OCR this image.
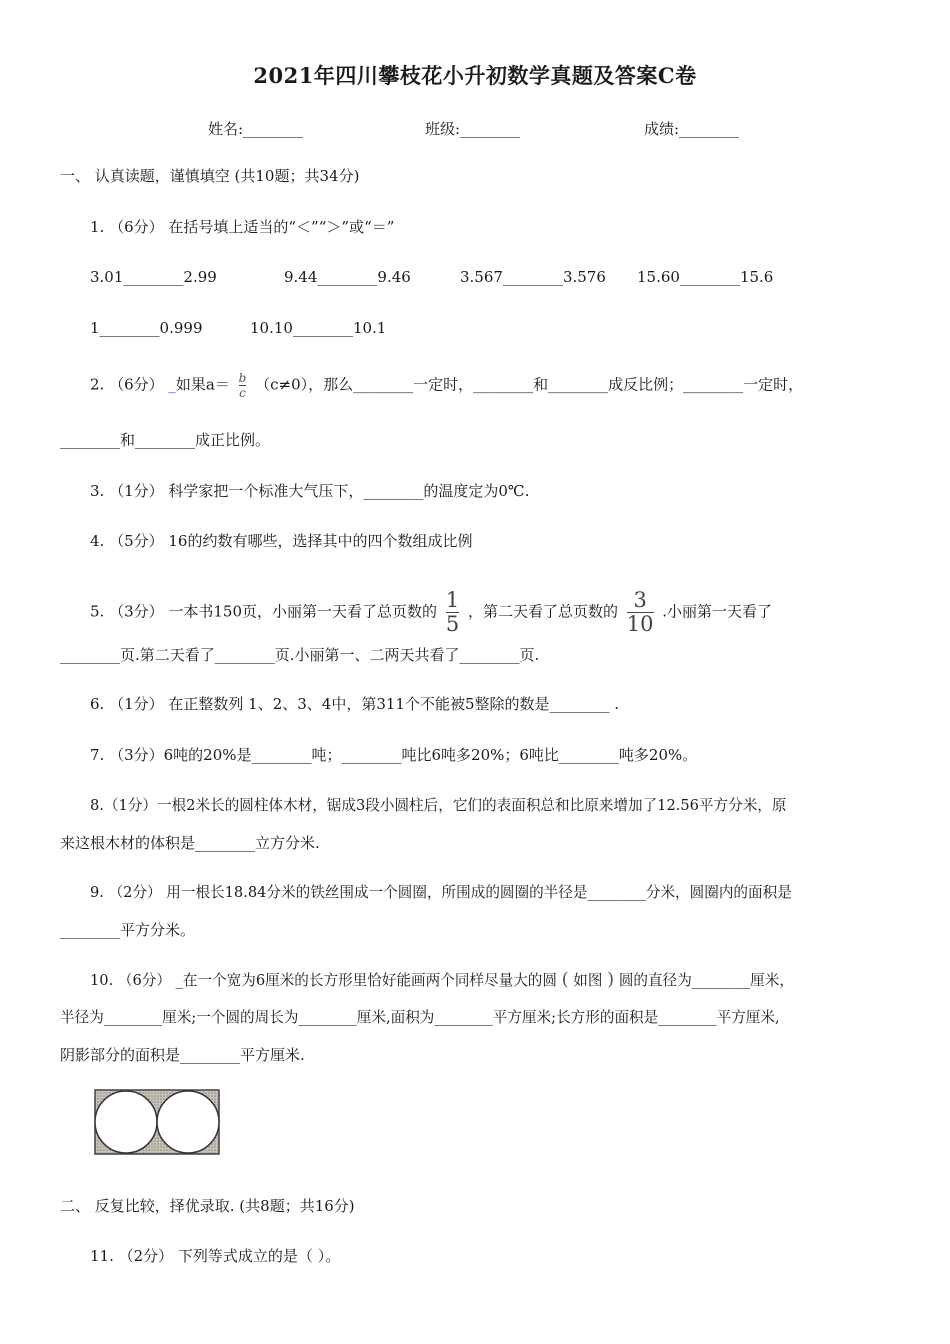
2021年四川攀枝花小升初数学真题及答案C卷
姓名:________	班级:________	成绩:________
一、 认真读题，谨慎填空 (共10题；共34分)
1. （6分） 在括号填上适当的“＜”“＞”或“＝”
3.01________2.99	9.44________9.46	3.567________3.576 15.60________15.6
1________0.999	10.10________10.1
2. （6分） _如果$a= \frac{b}{c} (c\ne 0)$，那么________一定时，________和________成反比例；________一定时，
________和________成正比例。
3. （1分） 科学家把一个标准大气压下，________的温度定为0℃.
4. （5分） 16的约数有哪些，选择其中的四个数组成比例
5. （3分） 一本书150页，小丽第一天看了总页数的 $\frac{1}{5}$ ，第二天看了总页数的 $\frac{3}{10}$ .小丽第一天看了
________页.第二天看了________页.小丽第一、二两天共看了________页.
6. （1分） 在正整数列 1、2、3、4中，第311个不能被5整除的数是________ .
7. （3分）6吨的20%是________吨；________吨比6吨多20%；6吨比________吨多20%。
8.（1分）一根2米长的圆柱体木材，锯成3段小圆柱后，它们的表面积总和比原来增加了12.56平方分米，原
来这根木材的体积是________立方分米.
9. （2分） 用一根长18.84分米的铁丝围成一个圆圈，所围成的圆圈的半径是________分米，圆圈内的面积是
________平方分米。
10. （6分） _在一个宽为6厘米的长方形里恰好能画两个同样尽量大的圆 ( 如图 ) 圆的直径为________厘米，
半径为________厘米;一个圆的周长为________厘米,面积为________平方厘米;长方形的面积是________平方厘米,
阴影部分的面积是________平方厘米.
二、 反复比较，择优录取. (共8题；共16分)
11. （2分） 下列等式成立的是（ ）。
